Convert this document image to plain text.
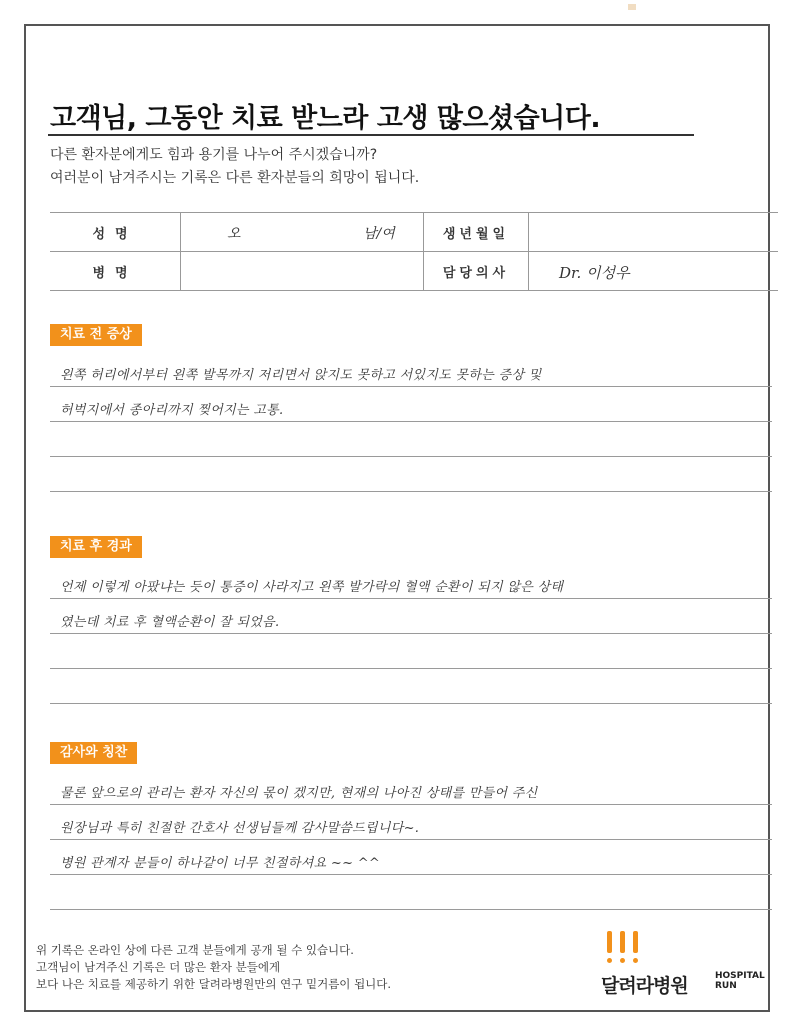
고객님, 그동안 치료 받느라 고생 많으셨습니다.
다른 환자분에게도 힘과 용기를 나누어 주시겠습니까?
여러분이 남겨주시는 기록은 다른 환자분들의 희망이 됩니다.
성명	오 남/여	생년월일	
병명		담당의사	Dr. 이성우
치료 전 증상
왼쪽 허리에서부터 왼쪽 발목까지 저리면서 앉지도 못하고 서있지도 못하는 증상 및
허벅지에서 종아리까지 찢어지는 고통.
치료 후 경과
언제 이렇게 아팠냐는 듯이 통증이 사라지고 왼쪽 발가락의 혈액 순환이 되지 않은 상태
였는데 치료 후 혈액순환이 잘 되었음.
감사와 칭찬
물론 앞으로의 관리는 환자 자신의 몫이 겠지만, 현재의 나아진 상태를 만들어 주신
원장님과 특히 친절한 간호사 선생님들께 감사말씀드립니다~.
병원 관계자 분들이 하나같이 너무 친절하셔요 ~~ ^^
위 기록은 온라인 상에 다른 고객 분들에게 공개 될 수 있습니다.
고객님이 남겨주신 기록은 더 많은 환자 분들에게
보다 나은 치료를 제공하기 위한 달려라병원만의 연구 밑거름이 됩니다.	달려라병원	HOSPITAL
RUN
